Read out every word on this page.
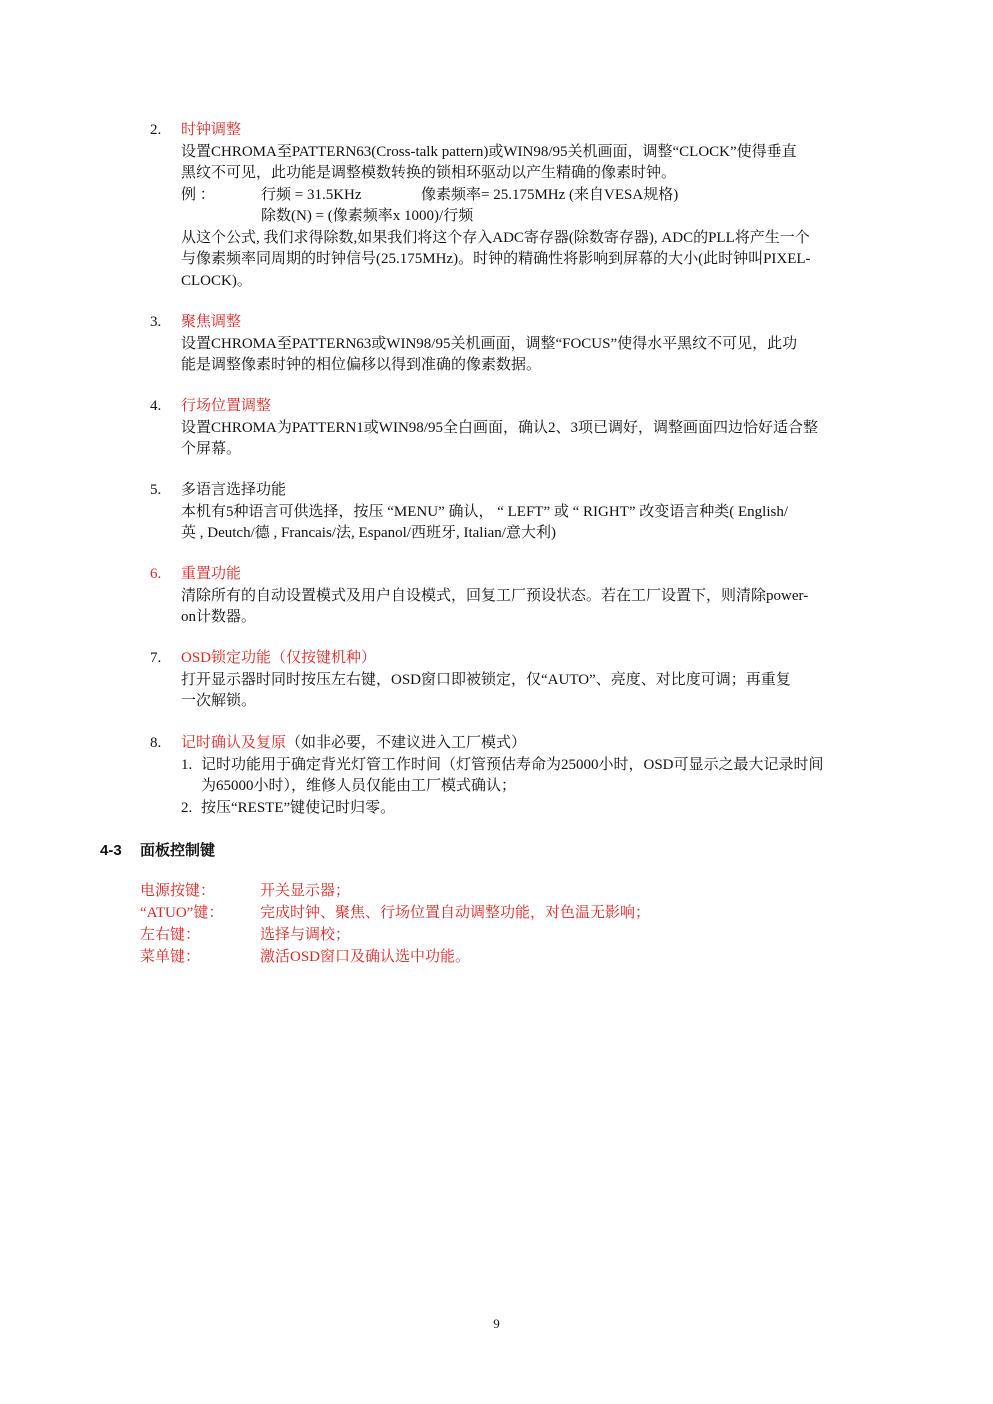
2.	时钟调整
设置CHROMA至PATTERN63(Cross-talk pattern)或WIN98/95关机画面，调整“CLOCK”使得垂直
黑纹不可见，此功能是调整模数转换的锁相环驱动以产生精确的像素时钟。
例 ：	行频 = 31.5KHz	像素频率= 25.175MHz (来自VESA规格)
除数(N) = (像素频率x 1000)/行频
从这个公式, 我们求得除数,如果我们将这个存入ADC寄存器(除数寄存器), ADC的PLL将产生一个
与像素频率同周期的时钟信号(25.175MHz)。时钟的精确性将影响到屏幕的大小(此时钟叫PIXEL-
CLOCK)。
3.	聚焦调整
设置CHROMA至PATTERN63或WIN98/95关机画面，调整“FOCUS”使得水平黑纹不可见，此功
能是调整像素时钟的相位偏移以得到准确的像素数据。
4.	行场位置调整
设置CHROMA为PATTERN1或WIN98/95全白画面，确认2、3项已调好，调整画面四边恰好适合整
个屏幕。
5.	多语言选择功能
本机有5种语言可供选择，按压 “MENU” 确认， “ LEFT” 或 “ RIGHT” 改变语言种类( English/
英 , Deutch/德 , Francais/法, Espanol/西班牙, Italian/意大利)
6.	重置功能
清除所有的自动设置模式及用户自设模式，回复工厂预设状态。若在工厂设置下，则清除power-
on计数器。
7.	OSD锁定功能（仅按键机种）
打开显示器时同时按压左右键，OSD窗口即被锁定，仅“AUTO”、亮度、对比度可调；再重复
一次解锁。
8.	记时确认及复原（如非必要，不建议进入工厂模式）
1. 记时功能用于确定背光灯管工作时间（灯管预估寿命为25000小时，OSD可显示之最大记录时间
为65000小时），维修人员仅能由工厂模式确认；
2. 按压“RESTE”键使记时归零。
4-3 面板控制键
电源按键：	开关显示器；
“ATUO”键： 完成时钟、聚焦、行场位置自动调整功能，对色温无影响；
左右键：	选择与调校；
菜单键：	激活OSD窗口及确认选中功能。
9
